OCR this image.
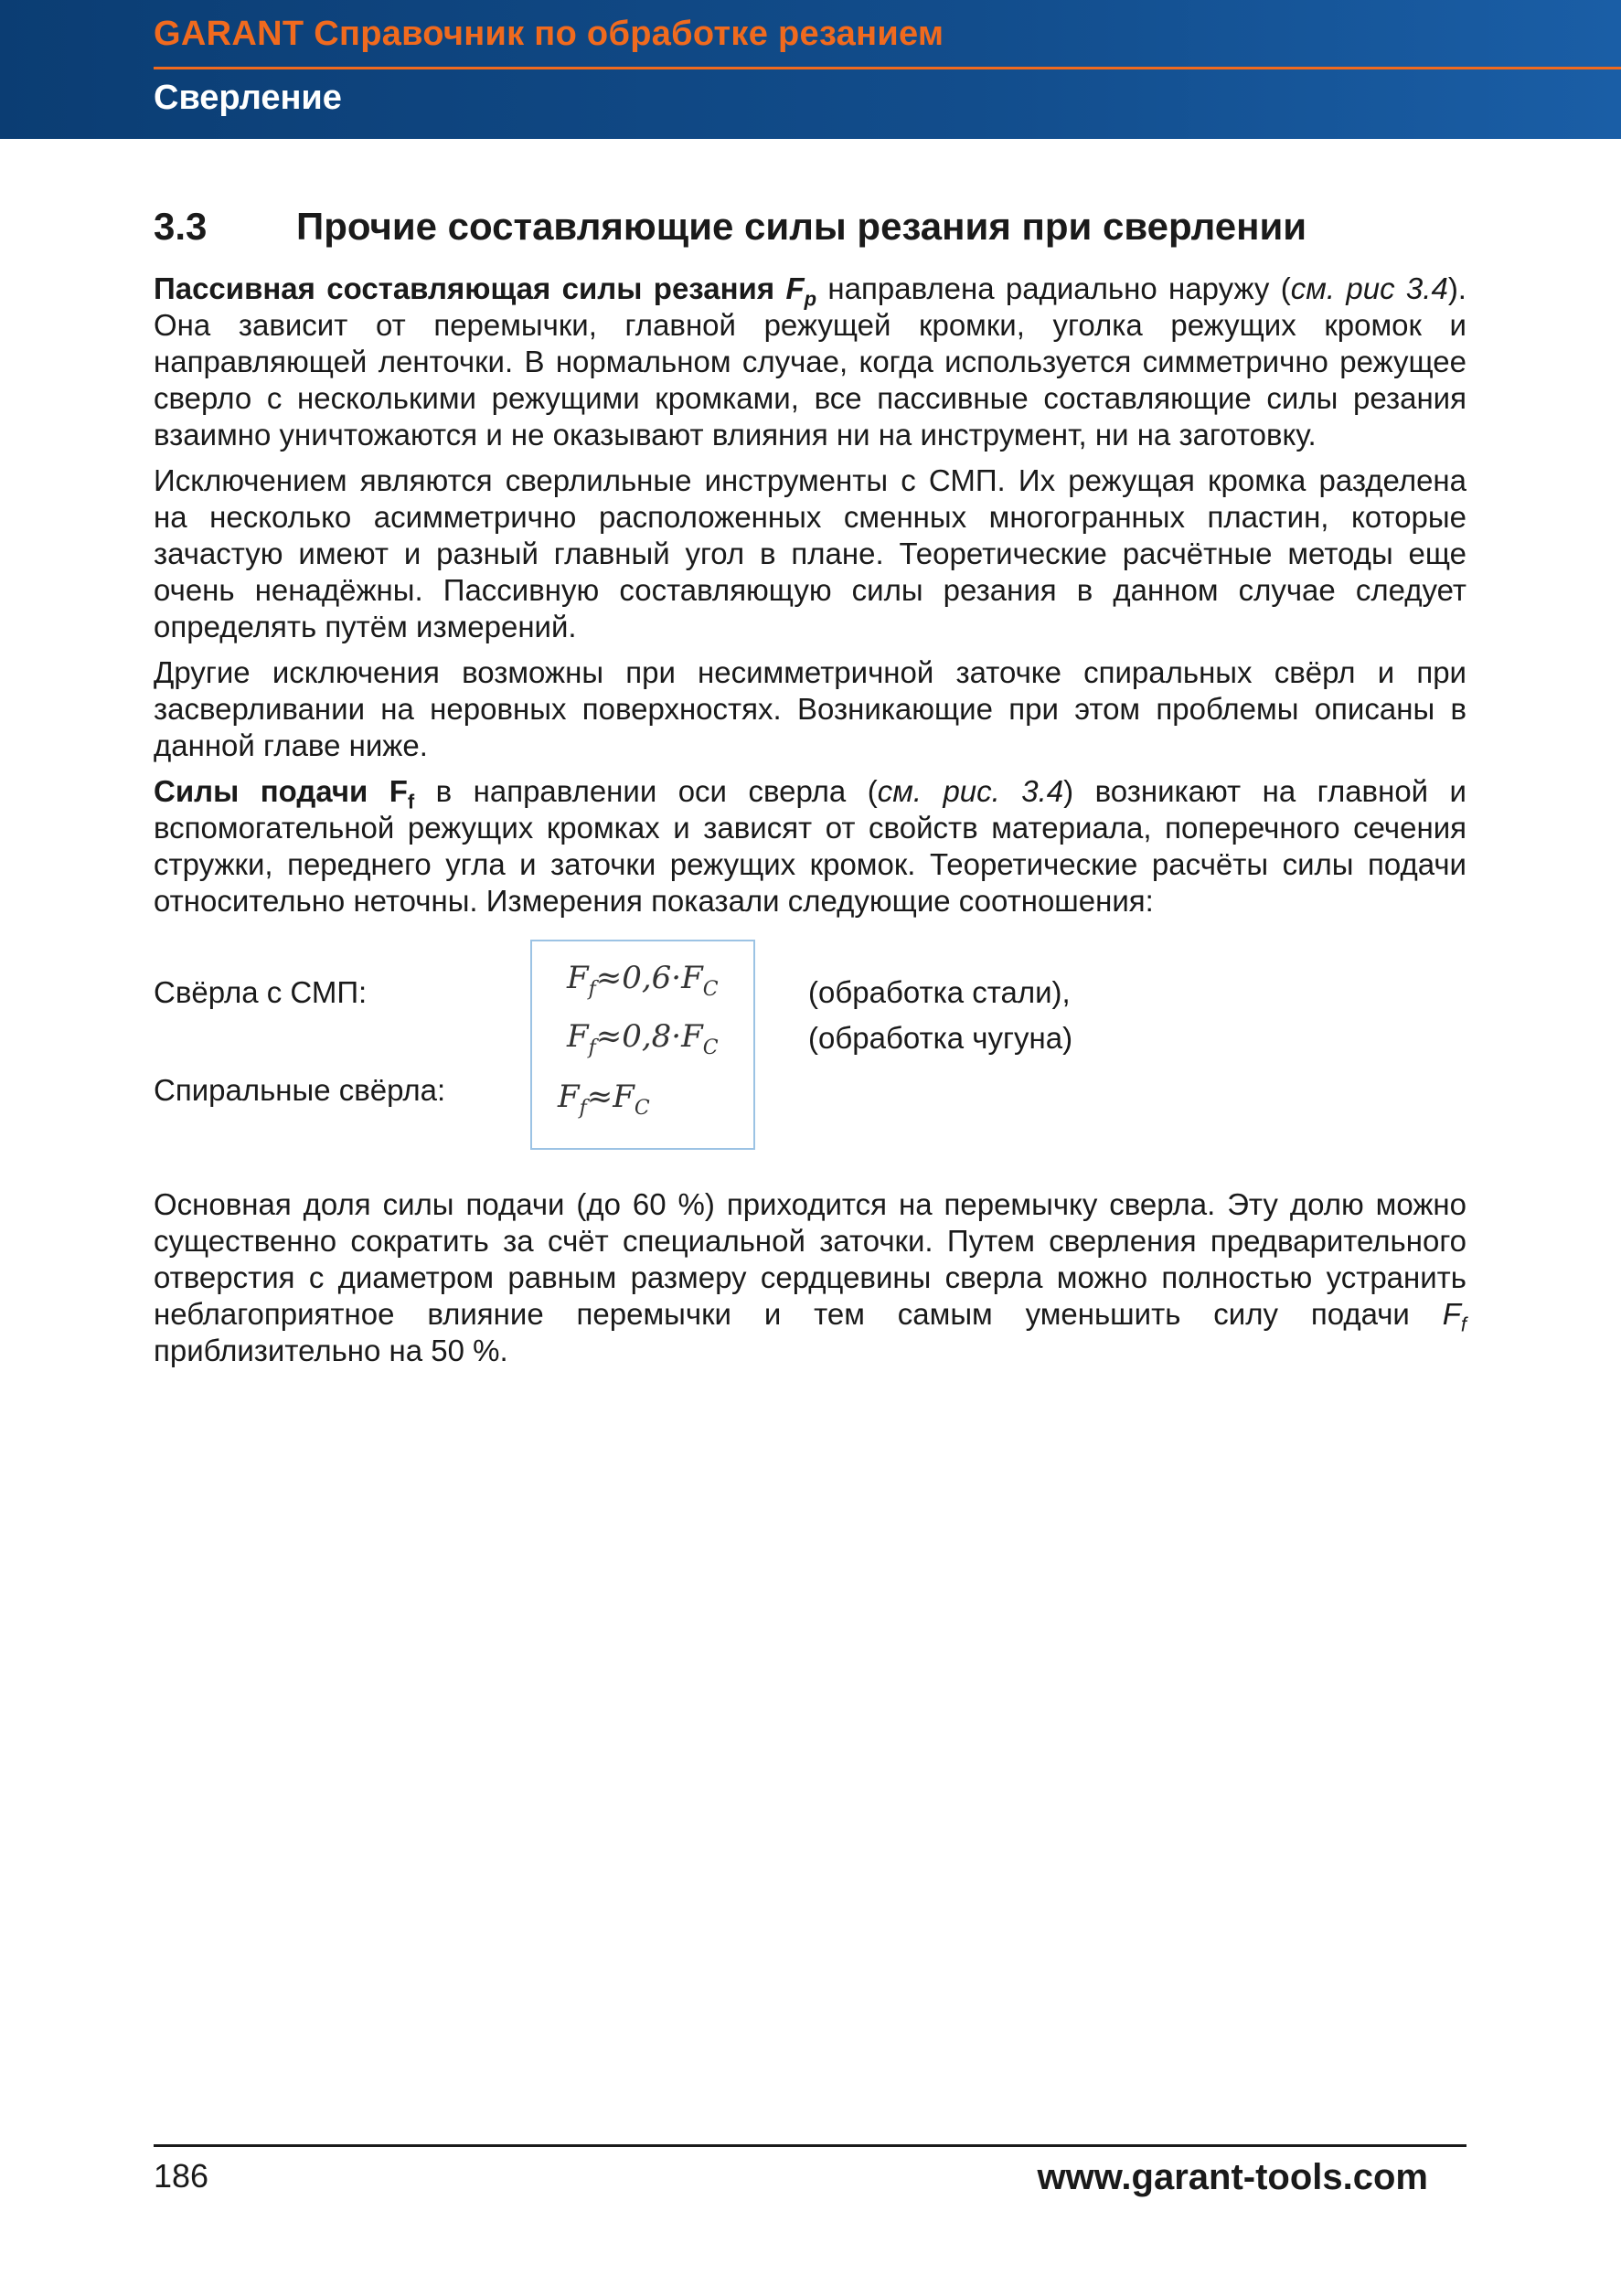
GARANT Справочник по обработке резанием
Сверление
3.3 Прочие составляющие силы резания при сверлении

Пассивная составляющая силы резания $F_p$ направлена радиально наружу (см. рис 3.4). Она зависит от перемычки, главной режущей кромки, уголка режущих кромок и направляющей ленточки. В нормальном случае, когда используется симметрично режущее сверло с несколькими режущими кромками, все пассивные составляющие силы резания взаимно уничтожаются и не оказывают влияния ни на инструмент, ни на заготовку.

Исключением являются сверлильные инструменты с СМП. Их режущая кромка разделена на несколько асимметрично расположенных сменных многогранных пластин, которые зачастую имеют и разный главный угол в плане. Теоретические расчётные методы еще очень ненадёжны. Пассивную составляющую силы резания в данном случае следует определять путём измерений.

Другие исключения возможны при несимметричной заточке спиральных свёрл и при засверливании на неровных поверхностях. Возникающие при этом проблемы описаны в данной главе ниже.

Силы подачи $F_f$ в направлении оси сверла (см. рис. 3.4) возникают на главной и вспомогательной режущих кромках и зависят от свойств материала, поперечного сечения стружки, переднего угла и заточки режущих кромок. Теоретические расчёты силы подачи относительно неточны. Измерения показали следующие соотношения:

Свёрла с СМП:
Спиральные свёрла:
$F_f\approx 0,6\cdot F_C$
$F_f\approx 0,8\cdot F_C$
$F_f\approx F_C$
(обработка стали),
(обработка чугуна)

Основная доля силы подачи (до 60 %) приходится на перемычку сверла. Эту долю можно существенно сократить за счёт специальной заточки. Путем сверления предварительного отверстия с диаметром равным размеру сердцевины сверла можно полностью устранить неблагоприятное влияние перемычки и тем самым уменьшить силу подачи $F_f$ приблизительно на 50 %.

186	www.garant-tools.com
